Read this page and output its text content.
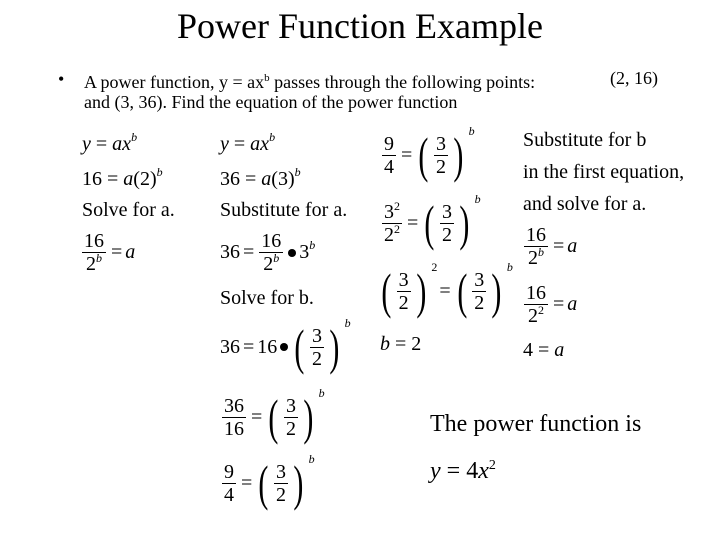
Power Function Example
• A power function, $y = ax^b$ passes through the following points:
and (3, 36). Find the equation of the power function
(2, 16)
$y = ax^b$
$16 = a(2)^b$
Solve for a.
$\frac{16}{2^b} = a$
$y = ax^b$
$36 = a(3)^b$
Substitute for a.
$36 = \frac{16}{2^b} 3^b$
Solve for b.
36 = 16 ( $\frac{3}{2}$ ) $^b$
$\frac{36}{16}$ = ( $\frac{3}{2}$ ) $^b$
$\frac{9}{4}$ = ( $\frac{3}{2}$ ) $^b$
$\frac{9}{4}$ = ( $\frac{3}{2}$ ) $^b$
$\frac{3^2}{2^2}$ = ( $\frac{3}{2}$ ) $^b$
( $\frac{3}{2}$ ) $^2$
= ( $\frac{3}{2}$ ) $^b$
b = 2
Substitute for b
in the first equation,
and solve for a.
$\frac{16}{2^b} = a$
$\frac{16}{2^2} = a$
4 = a
The power function is
$y = 4x^2$
